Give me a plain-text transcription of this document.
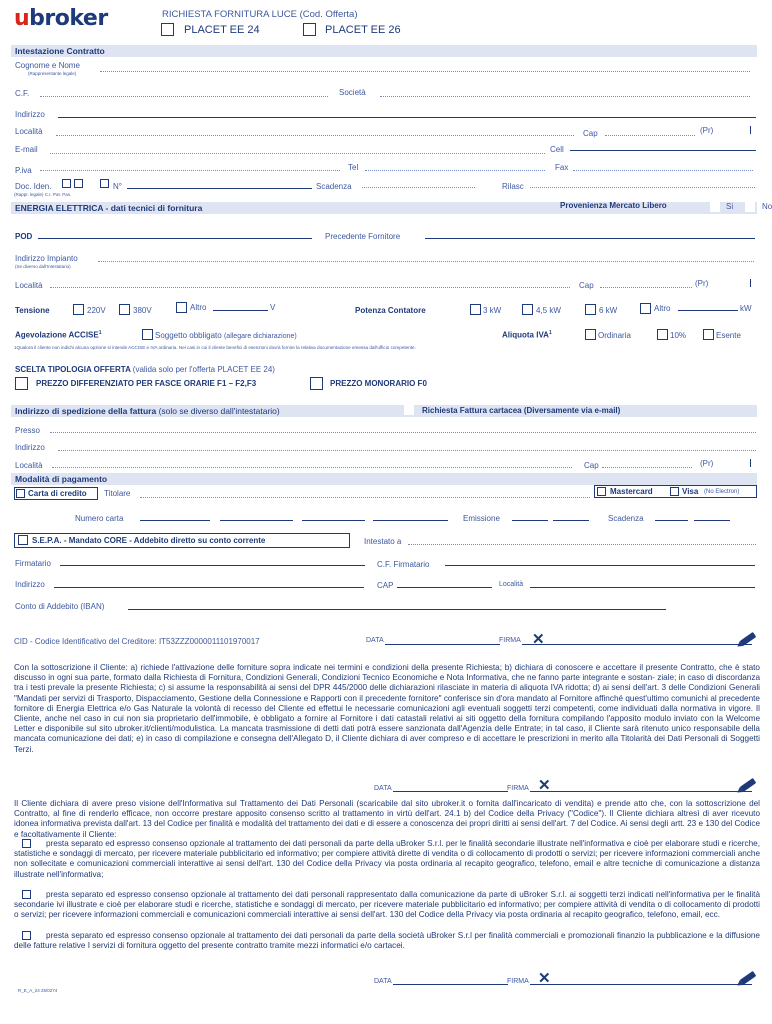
ubroker	RICHIESTA FORNITURA LUCE (Cod. Offerta)
PLACET EE 24	PLACET EE 26
Intestazione Contratto
Cognome e Nome
(Rappresentante legale)
C.F.	Società
Indirizzo
Località	Cap	(Pr)
E-mail	Cell
P.iva	Tel	Fax
Doc. Iden.	N°
(Rappr. legale) C.I. Pat. Pas.
Scadenza	Rilasc
ENERGIA ELETTRICA - dati tecnici di fornitura	Provenienza Mercato Libero	Si	No
POD	Precedente Fornitore
Indirizzo Impianto
(Se diverso dall'Intestatario)
Località	Cap	(Pr)
Tensione	220V	380V	Altro	V	Potenza Contatore	3 kW	4,5 kW	6 kW	Altro	kW
Agevolazione ACCISE$^1$	Soggetto obbligato (allegare dichiarazione)	Aliquota IVA$^1$	Ordinaria	10%	Esente
1Qualora il cliente non indichi alcuna opzione si intende ACCISE e IVA ordinaria. Nei casi in cui il cliente benefici di esenzioni dovrà fornire la relativa documentazione emessa dall'ufficio competente.
SCELTA TIPOLOGIA OFFERTA (valida solo per l'offerta PLACET EE 24)
PREZZO DIFFERENZIATO PER FASCE ORARIE F1 – F2,F3	PREZZO MONORARIO F0
Indirizzo di spedizione della fattura (solo se diverso dall'intestatario)	Richiesta Fattura cartacea (Diversamente via e-mail)
Presso
Indirizzo
Località	Cap	(Pr)
Modalità di pagamento
Carta di credito Titolare	Mastercard	Visa (No Electron)
Numero carta	Emissione	Scadenza
S.E.P.A. - Mandato CORE - Addebito diretto su conto corrente	Intestato a
Firmatario	C.F. Firmatario
Indirizzo	CAP	Località
Conto di Addebito (IBAN)
CID - Codice Identificativo del Creditore: IT53ZZZ0000011101970017	DATA	FIRMA ✕
Con la sottoscrizione il Cliente: a) richiede l'attivazione delle forniture sopra indicate nei termini e condizioni della presente Richiesta; b) dichiara di conoscere e accettare il presente Contratto, che è stato discusso in ogni sua parte, formato dalla Richiesta di Fornitura, Condizioni Generali, Condizioni Tecnico Economiche e Nota Informativa, che ne fanno parte integrante e sostan- ziale; in caso di discordanza tra i testi prevale la presente Richiesta; c) si assume la responsabilità ai sensi del DPR 445/2000 delle dichiarazioni rilasciate in materia di aliquota IVA ridotta; d) ai sensi dell'art. 3 delle Condizioni Generali "Mandati per servizi di Trasporto, Dispacciamento, Gestione della Connessione e Rapporti con il precedente fornitore" conferisce sin d'ora mandato al Fornitore affinché quest'ultimo comunichi al precedente fornitore di Energia Elettrica e/o Gas Naturale la volontà di recesso del Cliente ed effettui le necessarie comunicazioni agli eventuali soggetti terzi competenti, come individuati dalla normativa in vigore. Il Cliente, anche nel caso in cui non sia proprietario dell'immobile, è obbligato a fornire al Fornitore i dati catastali relativi ai siti oggetto della fornitura compilando l'apposito modulo inviato con la Welcome Letter e disponibile sul sito ubroker.it/clienti/modulistica. La mancata trasmissione di detti dati potrà essere sanzionata dall'Agenzia delle Entrate; in tal caso, il Cliente sarà ritenuto unico responsabile della mancata comunicazione dei dati; e) in caso di compilazione e consegna dell'Allegato D, il Cliente dichiara di aver compreso e di accettare le prescrizioni in merito alla Titolarità dei Dati Personali di Soggetti Terzi.
DATA	FIRMA ✕
Il Cliente dichiara di avere preso visione dell'Informativa sul Trattamento dei Dati Personali (scaricabile dal sito ubroker.it o fornita dall'incaricato di vendita) e prende atto che, con la sottoscrizione del Contratto, al fine di renderlo efficace, non occorre prestare apposito consenso scritto al trattamento in virtù dell'art. 24.1 b) del Codice della Privacy ("Codice"). Il Cliente dichiara altresì di aver ricevuto idonea informativa prevista dall'art. 13 del Codice per finalità e modalità del trattamento dei dati e di essere a conoscenza dei propri diritti ai sensi dell'art. 7 del Codice. Ai sensi degli artt. 23 e 130 del Codice e facoltativamente il Cliente:
presta separato ed espresso consenso opzionale al trattamento dei dati personali da parte della uBroker S.r.l. per le finalità secondarie illustrate nell'informativa e cioè per elaborare studi e ricerche, statistiche e sondaggi di mercato, per ricevere materiale pubblicitario ed informativo; per compiere attività dirette di vendita o di collocamento di prodotti o servizi; per ricevere informazioni commerciali anche non sollecitate e comunicazioni commerciali interattive ai sensi dell'art. 130 del Codice della Privacy via posta ordinaria al recapito geografico, telefono, email e altre tecniche di comunicazione a distanza illustrate nell'informativa;
presta separato ed espresso consenso opzionale al trattamento dei dati personali rappresentato dalla comunicazione da parte di uBroker S.r.l. ai soggetti terzi indicati nell'informativa per le finalità secondarie ivi illustrate e cioè per elaborare studi e ricerche, statistiche e sondaggi di mercato, per ricevere materiale pubblicitario ed informativo; per compiere attività di vendita o di collocamento di prodotti o servizi; per ricevere informazioni commerciali e comunicazioni commerciali interattive ai sensi dell'art. 130 del Codice della Privacy via posta ordinaria al recapito geografico, telefono, email, ecc.
presta separato ed espresso consenso opzionale al trattamento dei dati personali da parte della società uBroker S.r.l per finalità commerciali e promozionali finanzio la pubblicazione e la diffusione delle fatture relative I servizi di fornitura oggetto del presente contratto tramite mezzi informatici e/o cartacei.
DATA	FIRMA ✕
R_E_A_24 25/0274
